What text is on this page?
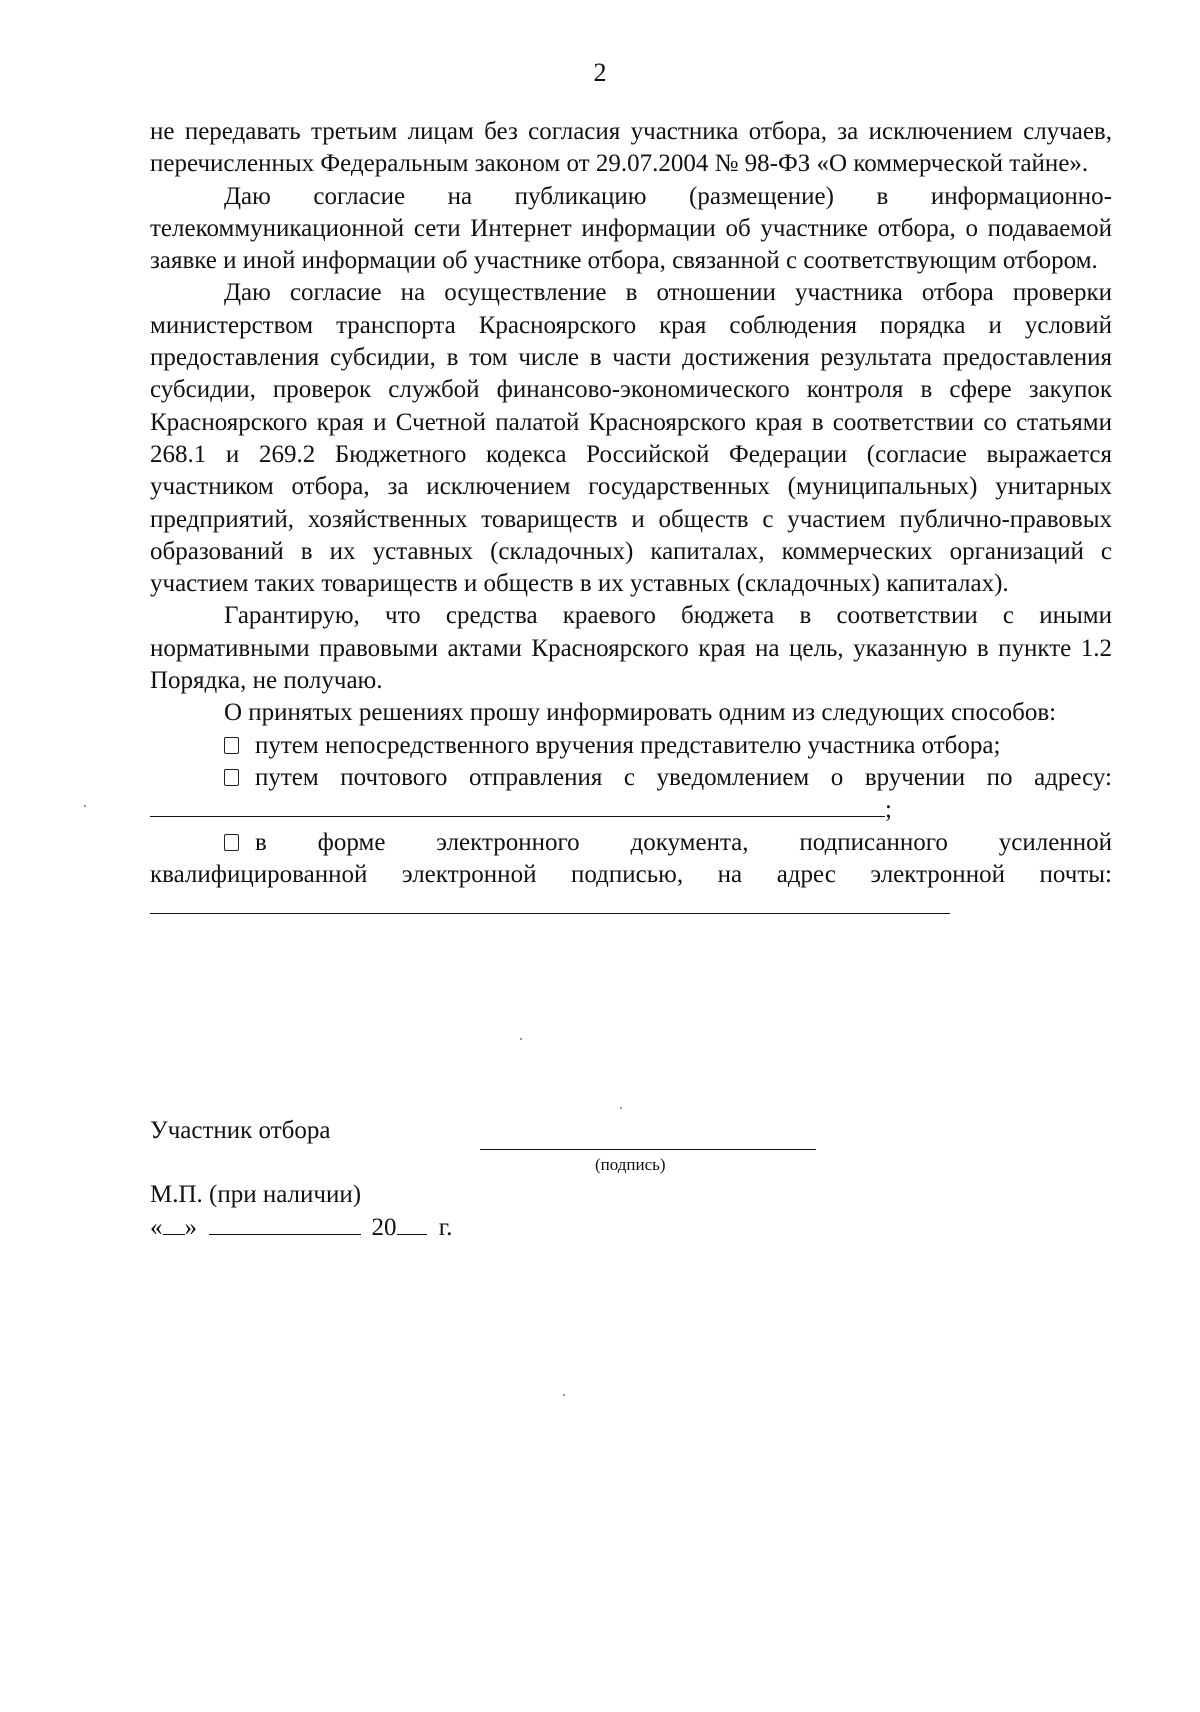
2

не передавать третьим лицам без согласия участника отбора, за исключением случаев, перечисленных Федеральным законом от 29.07.2004 № 98-ФЗ «О коммерческой тайне».

Даю согласие на публикацию (размещение) в информационно-телекоммуникационной сети Интернет информации об участнике отбора, о подаваемой заявке и иной информации об участнике отбора, связанной с соответствующим отбором.

Даю согласие на осуществление в отношении участника отбора проверки министерством транспорта Красноярского края соблюдения порядка и условий предоставления субсидии, в том числе в части достижения результата предоставления субсидии, проверок службой финансово-экономического контроля в сфере закупок Красноярского края и Счетной палатой Красноярского края в соответствии со статьями 268.1 и 269.2 Бюджетного кодекса Российской Федерации (согласие выражается участником отбора, за исключением государственных (муниципальных) унитарных предприятий, хозяйственных товариществ и обществ с участием публично-правовых образований в их уставных (складочных) капиталах, коммерческих организаций с участием таких товариществ и обществ в их уставных (складочных) капиталах).

Гарантирую, что средства краевого бюджета в соответствии с иными нормативными правовыми актами Красноярского края на цель, указанную в пункте 1.2 Порядка, не получаю.

О принятых решениях прошу информировать одним из следующих способов:

путем непосредственного вручения представителю участника отбора;

путем почтового отправления с уведомлением о вручении по адресу: ;

в форме электронного документа, подписанного усиленной квалифицированной электронной подписью, на адрес электронной почты:

Участник отбора
(подпись)
М.П. (при наличии)
« »	20 г.
